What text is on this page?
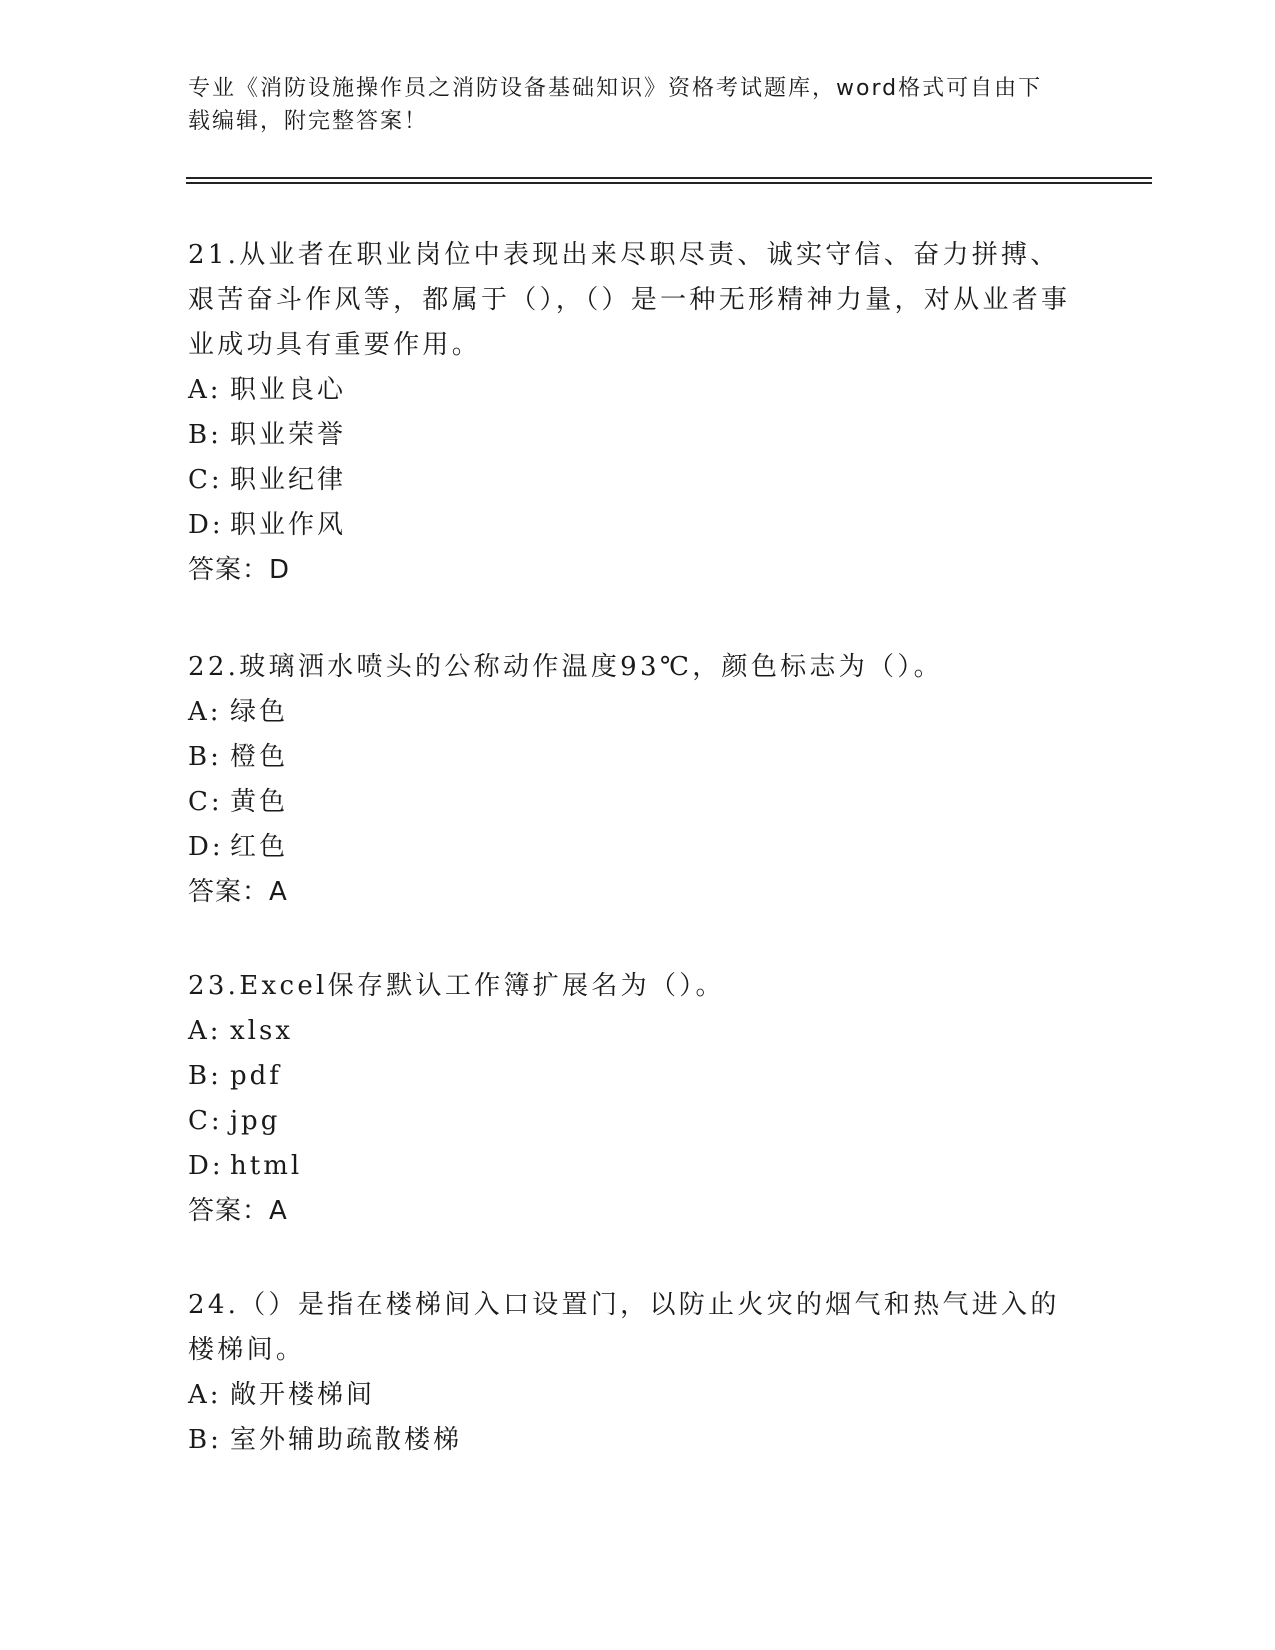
专业《消防设施操作员之消防设备基础知识》资格考试题库，word格式可自由下
载编辑，附完整答案！

21.从业者在职业岗位中表现出来尽职尽责、诚实守信、奋力拼搏、艰苦奋斗作风等，都属于（），（）是一种无形精神力量，对从业者事业成功具有重要作用。

A: 职业良心

B: 职业荣誉

C: 职业纪律

D: 职业作风

答案：D

22.玻璃洒水喷头的公称动作温度93℃，颜色标志为（）。

A: 绿色

B: 橙色

C: 黄色

D: 红色

答案：A

23.Excel保存默认工作簿扩展名为（）。

A: xlsx

B: pdf

C: jpg

D: html

答案：A

24.（）是指在楼梯间入口设置门，以防止火灾的烟气和热气进入的楼梯间。

A: 敞开楼梯间

B: 室外辅助疏散楼梯
